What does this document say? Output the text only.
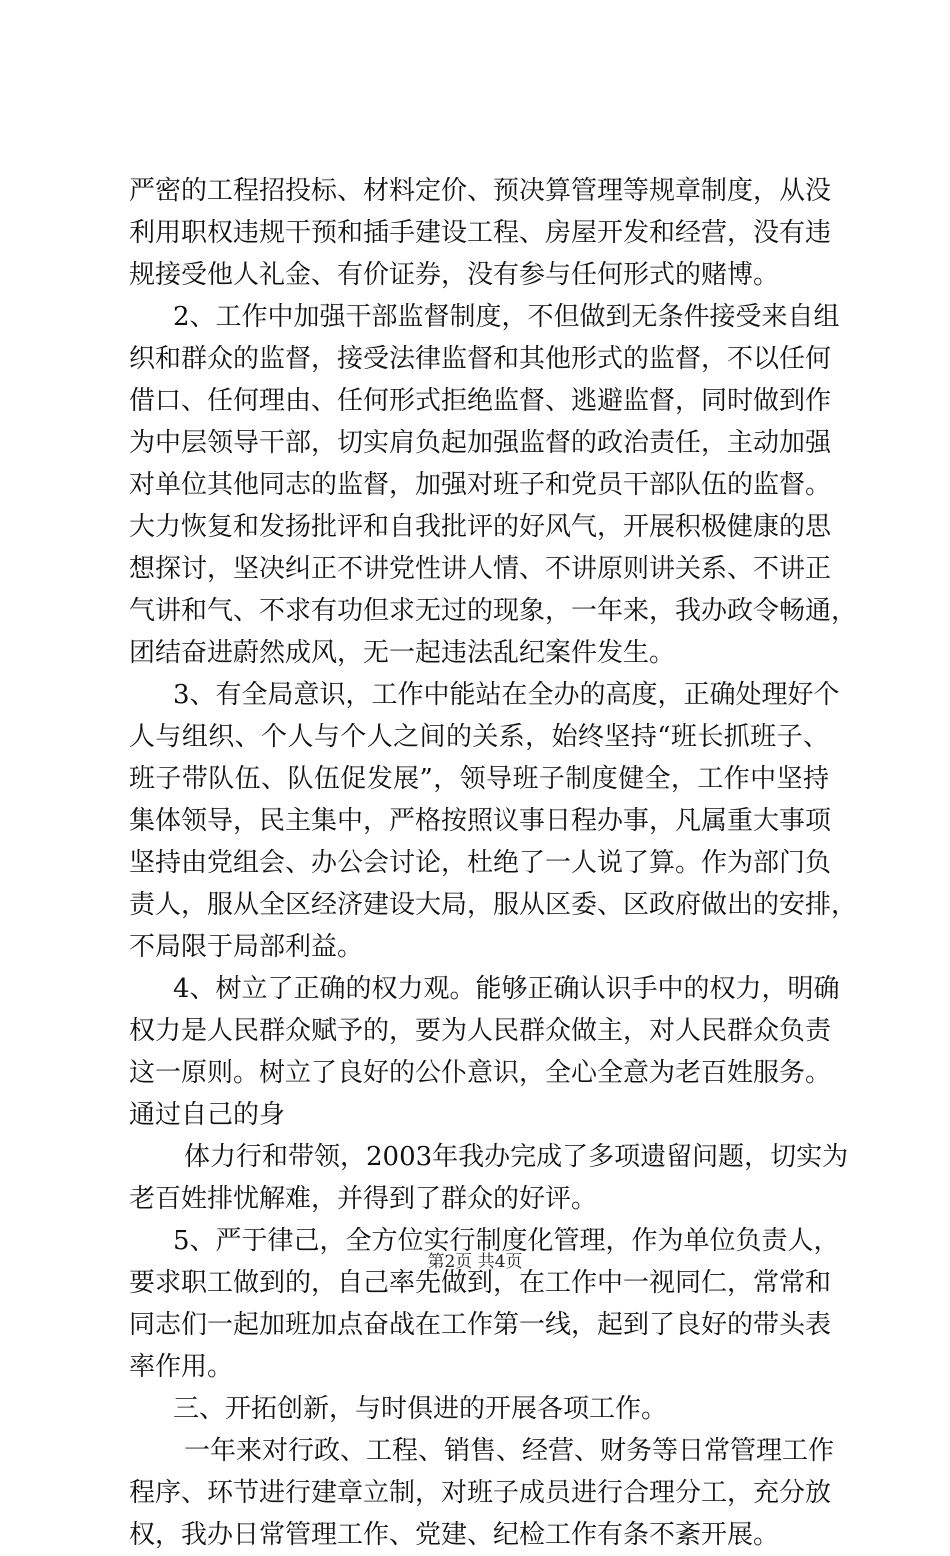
严密的工程招投标、材料定价、预决算管理等规章制度，从没
利用职权违规干预和插手建设工程、房屋开发和经营，没有违
规接受他人礼金、有价证券，没有参与任何形式的赌博。
2、工作中加强干部监督制度，不但做到无条件接受来自组
织和群众的监督，接受法律监督和其他形式的监督，不以任何
借口、任何理由、任何形式拒绝监督、逃避监督，同时做到作
为中层领导干部，切实肩负起加强监督的政治责任，主动加强
对单位其他同志的监督，加强对班子和党员干部队伍的监督。
大力恢复和发扬批评和自我批评的好风气，开展积极健康的思
想探讨，坚决纠正不讲党性讲人情、不讲原则讲关系、不讲正
气讲和气、不求有功但求无过的现象，一年来，我办政令畅通，
团结奋进蔚然成风，无一起违法乱纪案件发生。
3、有全局意识，工作中能站在全办的高度，正确处理好个
人与组织、个人与个人之间的关系，始终坚持“班长抓班子、
班子带队伍、队伍促发展”，领导班子制度健全，工作中坚持
集体领导，民主集中，严格按照议事日程办事，凡属重大事项
坚持由党组会、办公会讨论，杜绝了一人说了算。作为部门负
责人，服从全区经济建设大局，服从区委、区政府做出的安排，
不局限于局部利益。
4、树立了正确的权力观。能够正确认识手中的权力，明确
权力是人民群众赋予的，要为人民群众做主，对人民群众负责
这一原则。树立了良好的公仆意识，全心全意为老百姓服务。
通过自己的身
体力行和带领，2003年我办完成了多项遗留问题，切实为
老百姓排忧解难，并得到了群众的好评。
5、严于律己，全方位实行制度化管理，作为单位负责人，
要求职工做到的，自己率先做到，在工作中一视同仁，常常和
同志们一起加班加点奋战在工作第一线，起到了良好的带头表
率作用。
三、开拓创新，与时俱进的开展各项工作。
一年来对行政、工程、销售、经营、财务等日常管理工作
程序、环节进行建章立制，对班子成员进行合理分工，充分放
权，我办日常管理工作、党建、纪检工作有条不紊开展。
第2页 共4页
